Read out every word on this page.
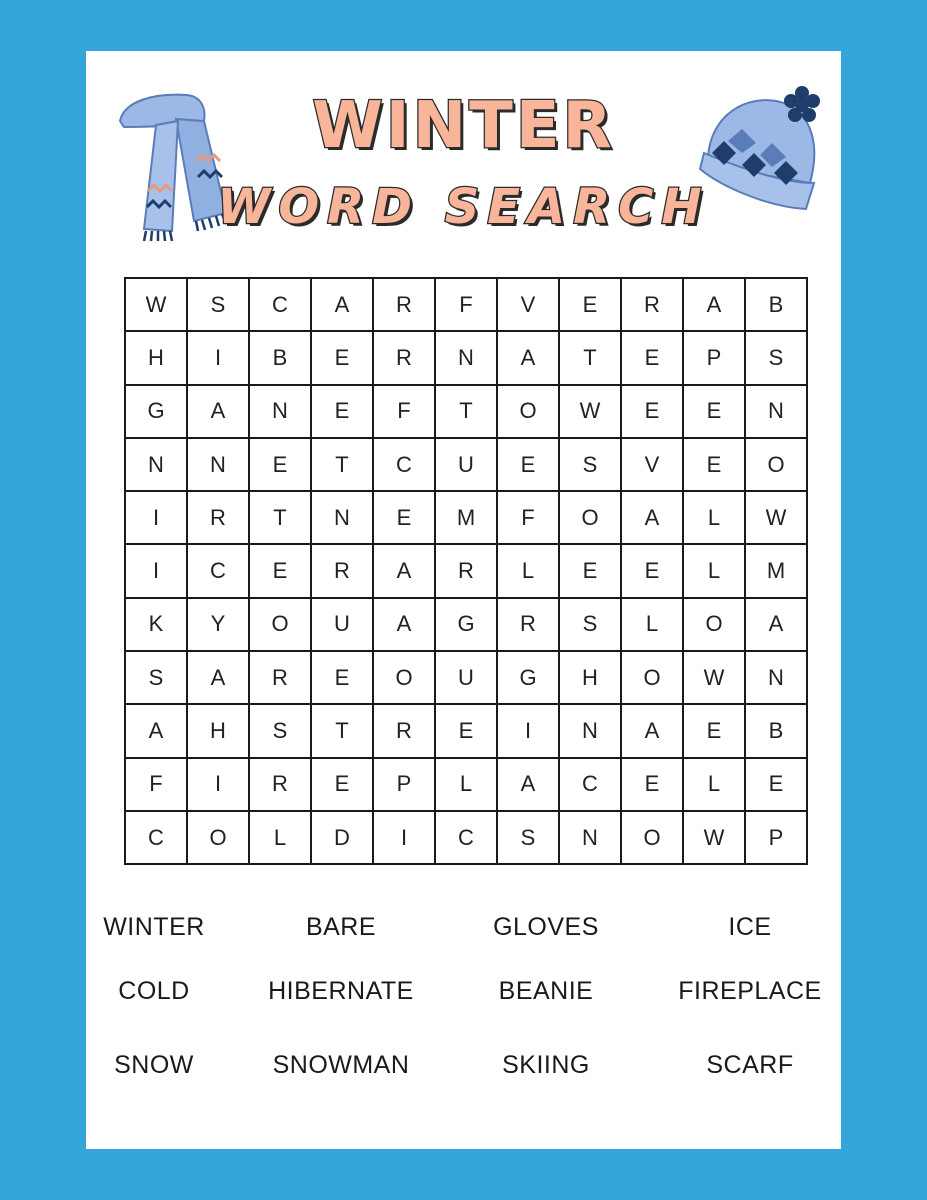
WINTER
WORD SEARCH
W	S	C	A	R	F	V	E	R	A	B
H	I	B	E	R	N	A	T	E	P	S
G	A	N	E	F	T	O	W	E	E	N
N	N	E	T	C	U	E	S	V	E	O
I	R	T	N	E	M	F	O	A	L	W
I	C	E	R	A	R	L	E	E	L	M
K	Y	O	U	A	G	R	S	L	O	A
S	A	R	E	O	U	G	H	O	W	N
A	H	S	T	R	E	I	N	A	E	B
F	I	R	E	P	L	A	C	E	L	E
C	O	L	D	I	C	S	N	O	W	P
WINTER	BARE	GLOVES	ICE
COLD	HIBERNATE	BEANIE	FIREPLACE
SNOW	SNOWMAN	SKIING	SCARF
